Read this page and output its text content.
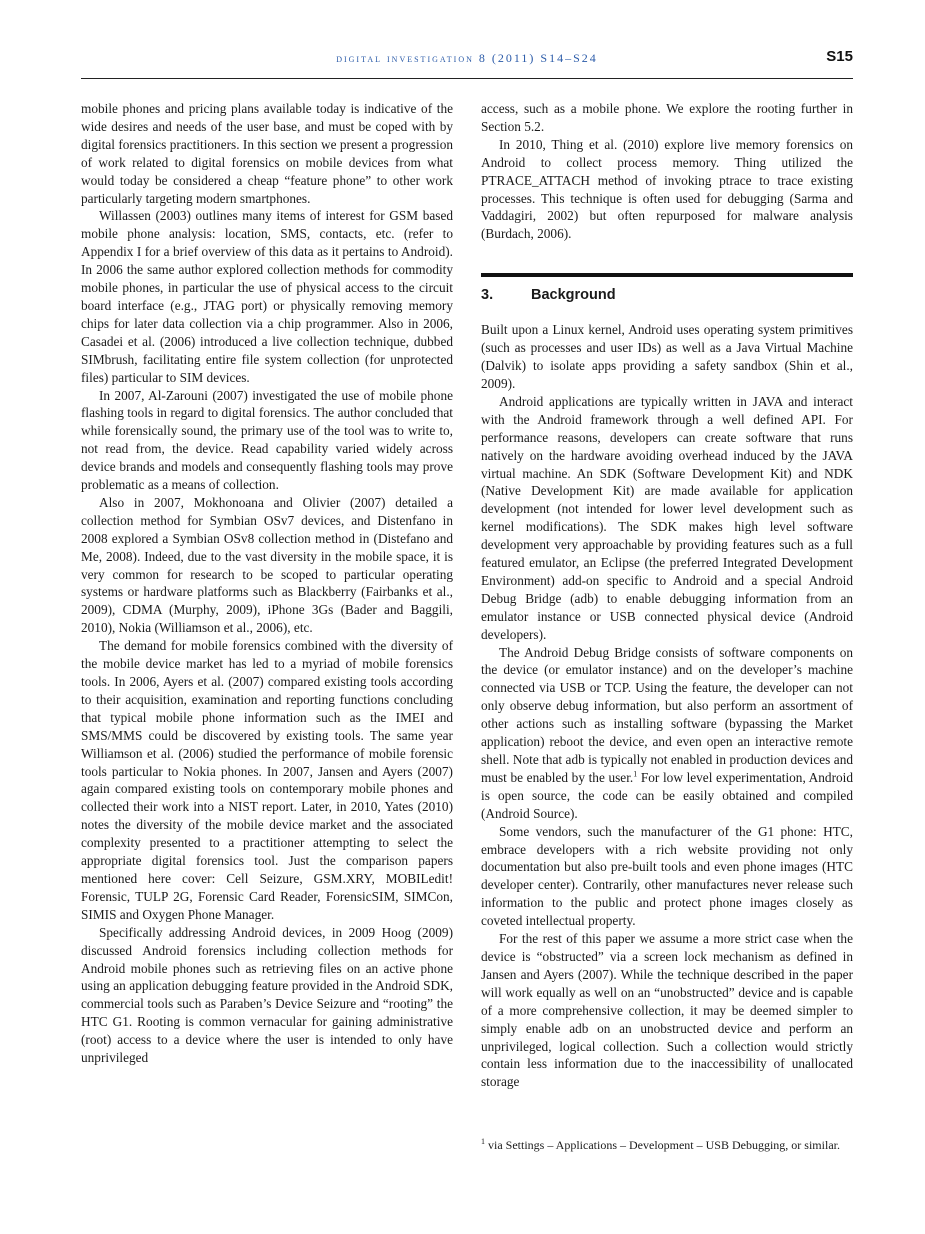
digital investigation 8 (2011) S14–S24	S15

mobile phones and pricing plans available today is indicative of the wide desires and needs of the user base, and must be coped with by digital forensics practitioners. In this section we present a progression of work related to digital forensics on mobile devices from what would today be considered a cheap “feature phone” to other work particularly targeting modern smartphones.

Willassen (2003) outlines many items of interest for GSM based mobile phone analysis: location, SMS, contacts, etc. (refer to Appendix I for a brief overview of this data as it pertains to Android). In 2006 the same author explored collection methods for commodity mobile phones, in particular the use of physical access to the circuit board interface (e.g., JTAG port) or physically removing memory chips for later data collection via a chip programmer. Also in 2006, Casadei et al. (2006) introduced a live collection technique, dubbed SIMbrush, facilitating entire file system collection (for unprotected files) particular to SIM devices.

In 2007, Al-Zarouni (2007) investigated the use of mobile phone flashing tools in regard to digital forensics. The author concluded that while forensically sound, the primary use of the tool was to write to, not read from, the device. Read capability varied widely across device brands and models and consequently flashing tools may prove problematic as a means of collection.

Also in 2007, Mokhonoana and Olivier (2007) detailed a collection method for Symbian OSv7 devices, and Distenfano in 2008 explored a Symbian OSv8 collection method in (Distefano and Me, 2008). Indeed, due to the vast diversity in the mobile space, it is very common for research to be scoped to particular operating systems or hardware platforms such as Blackberry (Fairbanks et al., 2009), CDMA (Murphy, 2009), iPhone 3Gs (Bader and Baggili, 2010), Nokia (Williamson et al., 2006), etc.

The demand for mobile forensics combined with the diversity of the mobile device market has led to a myriad of mobile forensics tools. In 2006, Ayers et al. (2007) compared existing tools according to their acquisition, examination and reporting functions concluding that typical mobile phone information such as the IMEI and SMS/MMS could be discovered by existing tools. The same year Williamson et al. (2006) studied the performance of mobile forensic tools particular to Nokia phones. In 2007, Jansen and Ayers (2007) again compared existing tools on contemporary mobile phones and collected their work into a NIST report. Later, in 2010, Yates (2010) notes the diversity of the mobile device market and the associated complexity presented to a practitioner attempting to select the appropriate digital forensics tool. Just the comparison papers mentioned here cover: Cell Seizure, GSM.XRY, MOBILedit! Forensic, TULP 2G, Forensic Card Reader, ForensicSIM, SIMCon, SIMIS and Oxygen Phone Manager.

Specifically addressing Android devices, in 2009 Hoog (2009) discussed Android forensics including collection methods for Android mobile phones such as retrieving files on an active phone using an application debugging feature provided in the Android SDK, commercial tools such as Paraben’s Device Seizure and “rooting” the HTC G1. Rooting is common vernacular for gaining administrative (root) access to a device where the user is intended to only have unprivileged

access, such as a mobile phone. We explore the rooting further in Section 5.2.

In 2010, Thing et al. (2010) explore live memory forensics on Android to collect process memory. Thing utilized the PTRACE_ATTACH method of invoking ptrace to trace existing processes. This technique is often used for debugging (Sarma and Vaddagiri, 2002) but often repurposed for malware analysis (Burdach, 2006).

3.	Background

Built upon a Linux kernel, Android uses operating system primitives (such as processes and user IDs) as well as a Java Virtual Machine (Dalvik) to isolate apps providing a safety sandbox (Shin et al., 2009).

Android applications are typically written in JAVA and interact with the Android framework through a well defined API. For performance reasons, developers can create software that runs natively on the hardware avoiding overhead induced by the JAVA virtual machine. An SDK (Software Development Kit) and NDK (Native Development Kit) are made available for application development (not intended for lower level development such as kernel modifications). The SDK makes high level software development very approachable by providing features such as a full featured emulator, an Eclipse (the preferred Integrated Development Environment) add-on specific to Android and a special Android Debug Bridge (adb) to enable debugging information from an emulator instance or USB connected physical device (Android developers).

The Android Debug Bridge consists of software components on the device (or emulator instance) and on the developer’s machine connected via USB or TCP. Using the feature, the developer can not only observe debug information, but also perform an assortment of other actions such as installing software (bypassing the Market application) reboot the device, and even open an interactive remote shell. Note that adb is typically not enabled in production devices and must be enabled by the user.$^1$ For low level experimentation, Android is open source, the code can be easily obtained and compiled (Android Source).

Some vendors, such the manufacturer of the G1 phone: HTC, embrace developers with a rich website providing not only documentation but also pre-built tools and even phone images (HTC developer center). Contrarily, other manufactures never release such information to the public and protect phone images closely as coveted intellectual property.

For the rest of this paper we assume a more strict case when the device is “obstructed” via a screen lock mechanism as defined in Jansen and Ayers (2007). While the technique described in the paper will work equally as well on an “unobstructed” device and is capable of a more comprehensive collection, it may be deemed simpler to simply enable adb on an unobstructed device and perform an unprivileged, logical collection. Such a collection would strictly contain less information due to the inaccessibility of unallocated storage

$^1$ via Settings – Applications – Development – USB Debugging, or similar.
